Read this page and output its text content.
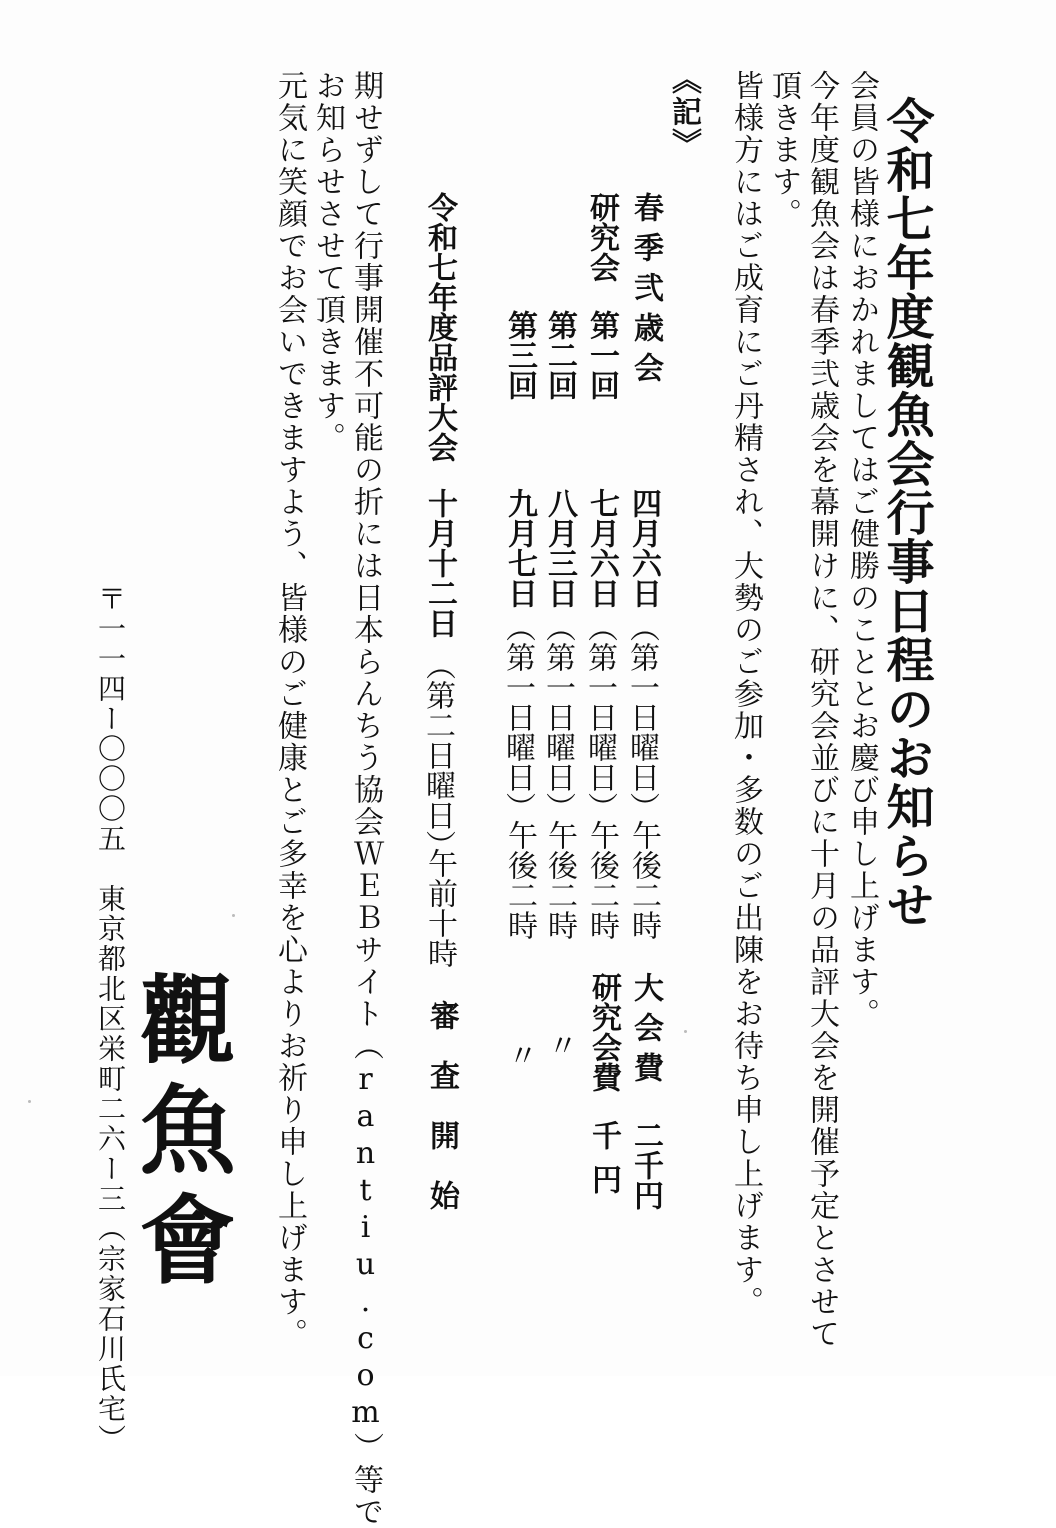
令和七年度観魚会行事日程のお知らせ
会員の皆様におかれましてはご健勝のこととお慶び申し上げます。
今年度観魚会は春季弐歳会を幕開けに、研究会並びに十月の品評大会を開催予定とさせて
頂きます。
皆様方にはご成育にご丹精され、大勢のご参加・多数のご出陳をお待ち申し上げます。
《記》
春季弐歳会
四月六日
（第一日曜日）
午後二時
大会費
二千円
研究会
第一回
七月六日
（第一日曜日）
午後二時
研究会費
千円
第二回
八月三日
（第一日曜日）
午後二時
〃
第三回
九月七日
（第一日曜日）
午後二時
〃
令和七年度品評大会
十月十二日
（第二日曜日）
午前十時
審査開始
期せずして行事開催不可能の折には日本らんちう協会ＷＥＢサイト（rantiu.com）等で
お知らせさせて頂きます。
元気に笑顔でお会いできますよう、皆様のご健康とご多幸を心よりお祈り申し上げます。
觀魚會
〒一一四ー〇〇〇五　東京都北区栄町二六ー三（宗家石川氏宅）
